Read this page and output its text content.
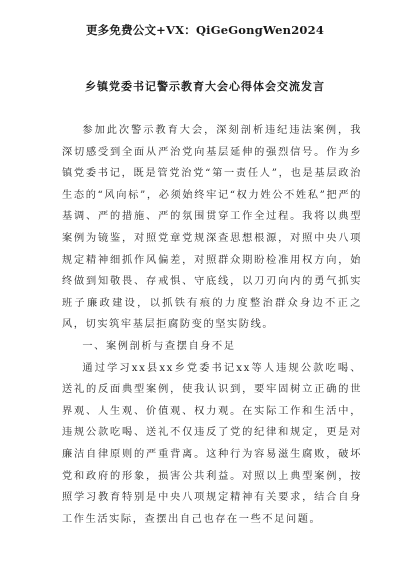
更多免费公文+VX：QiGeGongWen2024
乡镇党委书记警示教育大会心得体会交流发言

参加此次警示教育大会，深刻剖析违纪违法案例，我深切感受到全面从严治党向基层延伸的强烈信号。作为乡镇党委书记，既是管党治党“第一责任人”，也是基层政治生态的“风向标”，必须始终牢记“权力姓公不姓私”把严的基调、严的措施、严的氛围贯穿工作全过程。我将以典型案例为镜鉴，对照党章党规深查思想根源，对照中央八项规定精神细抓作风偏差，对照群众期盼检准用权方向，始终做到知敬畏、存戒惧、守底线，以刀刃向内的勇气抓实班子廉政建设，以抓铁有痕的力度整治群众身边不正之风，切实筑牢基层拒腐防变的坚实防线。

一、案例剖析与查摆自身不足

通过学习xx县xx乡党委书记xx等人违规公款吃喝、送礼的反面典型案例，使我认识到，要牢固树立正确的世界观、人生观、价值观、权力观。在实际工作和生活中，违规公款吃喝、送礼不仅违反了党的纪律和规定，更是对廉洁自律原则的严重背离。这种行为容易滋生腐败，破坏党和政府的形象，损害公共利益。对照以上典型案例，按照学习教育特别是中央八项规定精神有关要求，结合自身工作生活实际，查摆出自己也存在一些不足问题。
